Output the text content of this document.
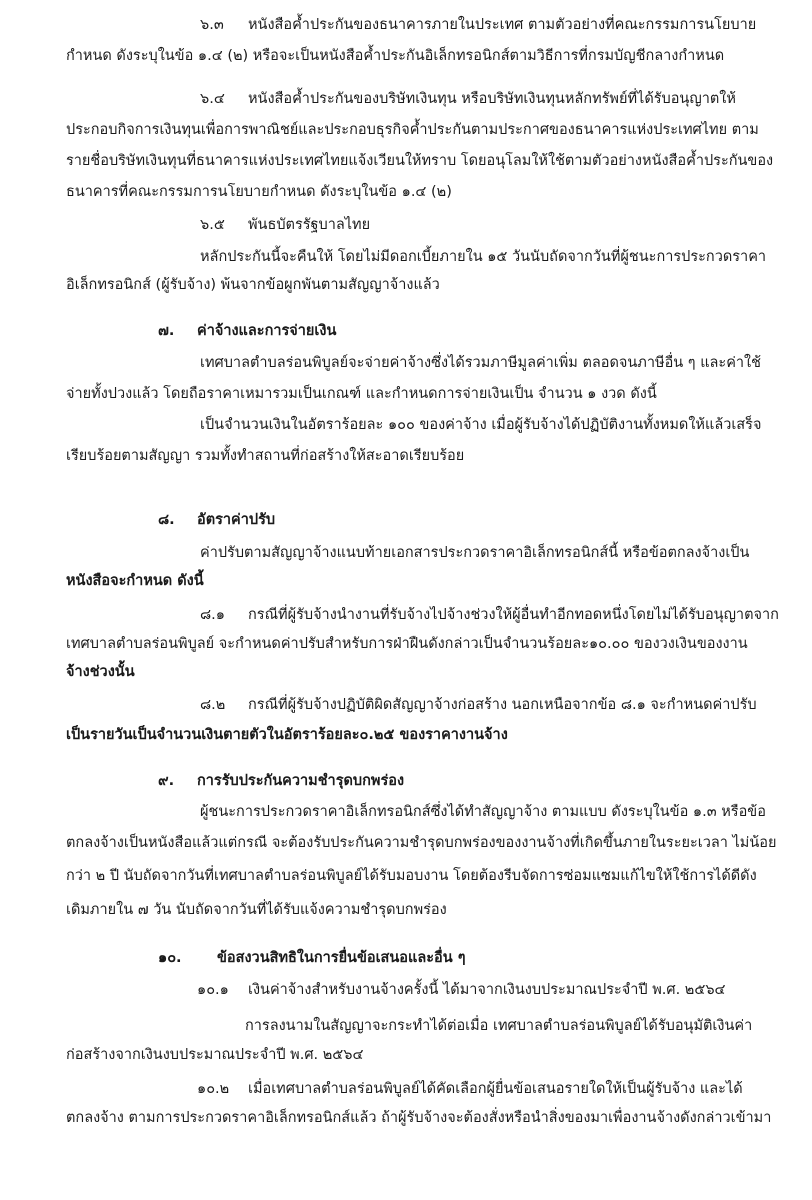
๖.๓ หนังสือค้ำประกันของธนาคารภายในประเทศ ตามตัวอย่างที่คณะกรรมการนโยบาย
กำหนด ดังระบุในข้อ ๑.๔ (๒) หรือจะเป็นหนังสือค้ำประกันอิเล็กทรอนิกส์ตามวิธีการที่กรมบัญชีกลางกำหนด
๖.๔ หนังสือค้ำประกันของบริษัทเงินทุน หรือบริษัทเงินทุนหลักทรัพย์ที่ได้รับอนุญาตให้
ประกอบกิจการเงินทุนเพื่อการพาณิชย์และประกอบธุรกิจค้ำประกันตามประกาศของธนาคารแห่งประเทศไทย ตาม
รายชื่อบริษัทเงินทุนที่ธนาคารแห่งประเทศไทยแจ้งเวียนให้ทราบ โดยอนุโลมให้ใช้ตามตัวอย่างหนังสือค้ำประกันของ
ธนาคารที่คณะกรรมการนโยบายกำหนด ดังระบุในข้อ ๑.๔ (๒)
๖.๕ พันธบัตรรัฐบาลไทย
หลักประกันนี้จะคืนให้ โดยไม่มีดอกเบี้ยภายใน ๑๕ วันนับถัดจากวันที่ผู้ชนะการประกวดราคา
อิเล็กทรอนิกส์ (ผู้รับจ้าง) พ้นจากข้อผูกพันตามสัญญาจ้างแล้ว
๗. ค่าจ้างและการจ่ายเงิน
เทศบาลตำบลร่อนพิบูลย์จะจ่ายค่าจ้างซึ่งได้รวมภาษีมูลค่าเพิ่ม ตลอดจนภาษีอื่น ๆ และค่าใช้
จ่ายทั้งปวงแล้ว โดยถือราคาเหมารวมเป็นเกณฑ์ และกำหนดการจ่ายเงินเป็น จำนวน ๑ งวด ดังนี้
เป็นจำนวนเงินในอัตราร้อยละ ๑๐๐ ของค่าจ้าง เมื่อผู้รับจ้างได้ปฏิบัติงานทั้งหมดให้แล้วเสร็จ
เรียบร้อยตามสัญญา รวมทั้งทำสถานที่ก่อสร้างให้สะอาดเรียบร้อย
๘. อัตราค่าปรับ
ค่าปรับตามสัญญาจ้างแนบท้ายเอกสารประกวดราคาอิเล็กทรอนิกส์นี้ หรือข้อตกลงจ้างเป็น
หนังสือจะกำหนด ดังนี้
๘.๑ กรณีที่ผู้รับจ้างนำงานที่รับจ้างไปจ้างช่วงให้ผู้อื่นทำอีกทอดหนึ่งโดยไม่ได้รับอนุญาตจาก
เทศบาลตำบลร่อนพิบูลย์ จะกำหนดค่าปรับสำหรับการฝ่าฝืนดังกล่าวเป็นจำนวนร้อยละ๑๐.๐๐ ของวงเงินของงาน
จ้างช่วงนั้น
๘.๒ กรณีที่ผู้รับจ้างปฏิบัติผิดสัญญาจ้างก่อสร้าง นอกเหนือจากข้อ ๘.๑ จะกำหนดค่าปรับ
เป็นรายวันเป็นจำนวนเงินตายตัวในอัตราร้อยละ๐.๒๕ ของราคางานจ้าง
๙. การรับประกันความชำรุดบกพร่อง
ผู้ชนะการประกวดราคาอิเล็กทรอนิกส์ซึ่งได้ทำสัญญาจ้าง ตามแบบ ดังระบุในข้อ ๑.๓ หรือข้อ
ตกลงจ้างเป็นหนังสือแล้วแต่กรณี จะต้องรับประกันความชำรุดบกพร่องของงานจ้างที่เกิดขึ้นภายในระยะเวลา ไม่น้อย
กว่า ๒ ปี นับถัดจากวันที่เทศบาลตำบลร่อนพิบูลย์ได้รับมอบงาน โดยต้องรีบจัดการซ่อมแซมแก้ไขให้ใช้การได้ดีดัง
เดิมภายใน ๗ วัน นับถัดจากวันที่ได้รับแจ้งความชำรุดบกพร่อง
๑๐. ข้อสงวนสิทธิในการยื่นข้อเสนอและอื่น ๆ
๑๐.๑ เงินค่าจ้างสำหรับงานจ้างครั้งนี้ ได้มาจากเงินงบประมาณประจำปี พ.ศ. ๒๕๖๔
การลงนามในสัญญาจะกระทำได้ต่อเมื่อ เทศบาลตำบลร่อนพิบูลย์ได้รับอนุมัติเงินค่า
ก่อสร้างจากเงินงบประมาณประจำปี พ.ศ. ๒๕๖๔
๑๐.๒ เมื่อเทศบาลตำบลร่อนพิบูลย์ได้คัดเลือกผู้ยื่นข้อเสนอรายใดให้เป็นผู้รับจ้าง และได้
ตกลงจ้าง ตามการประกวดราคาอิเล็กทรอนิกส์แล้ว ถ้าผู้รับจ้างจะต้องสั่งหรือนำสิ่งของมาเพื่องานจ้างดังกล่าวเข้ามา
